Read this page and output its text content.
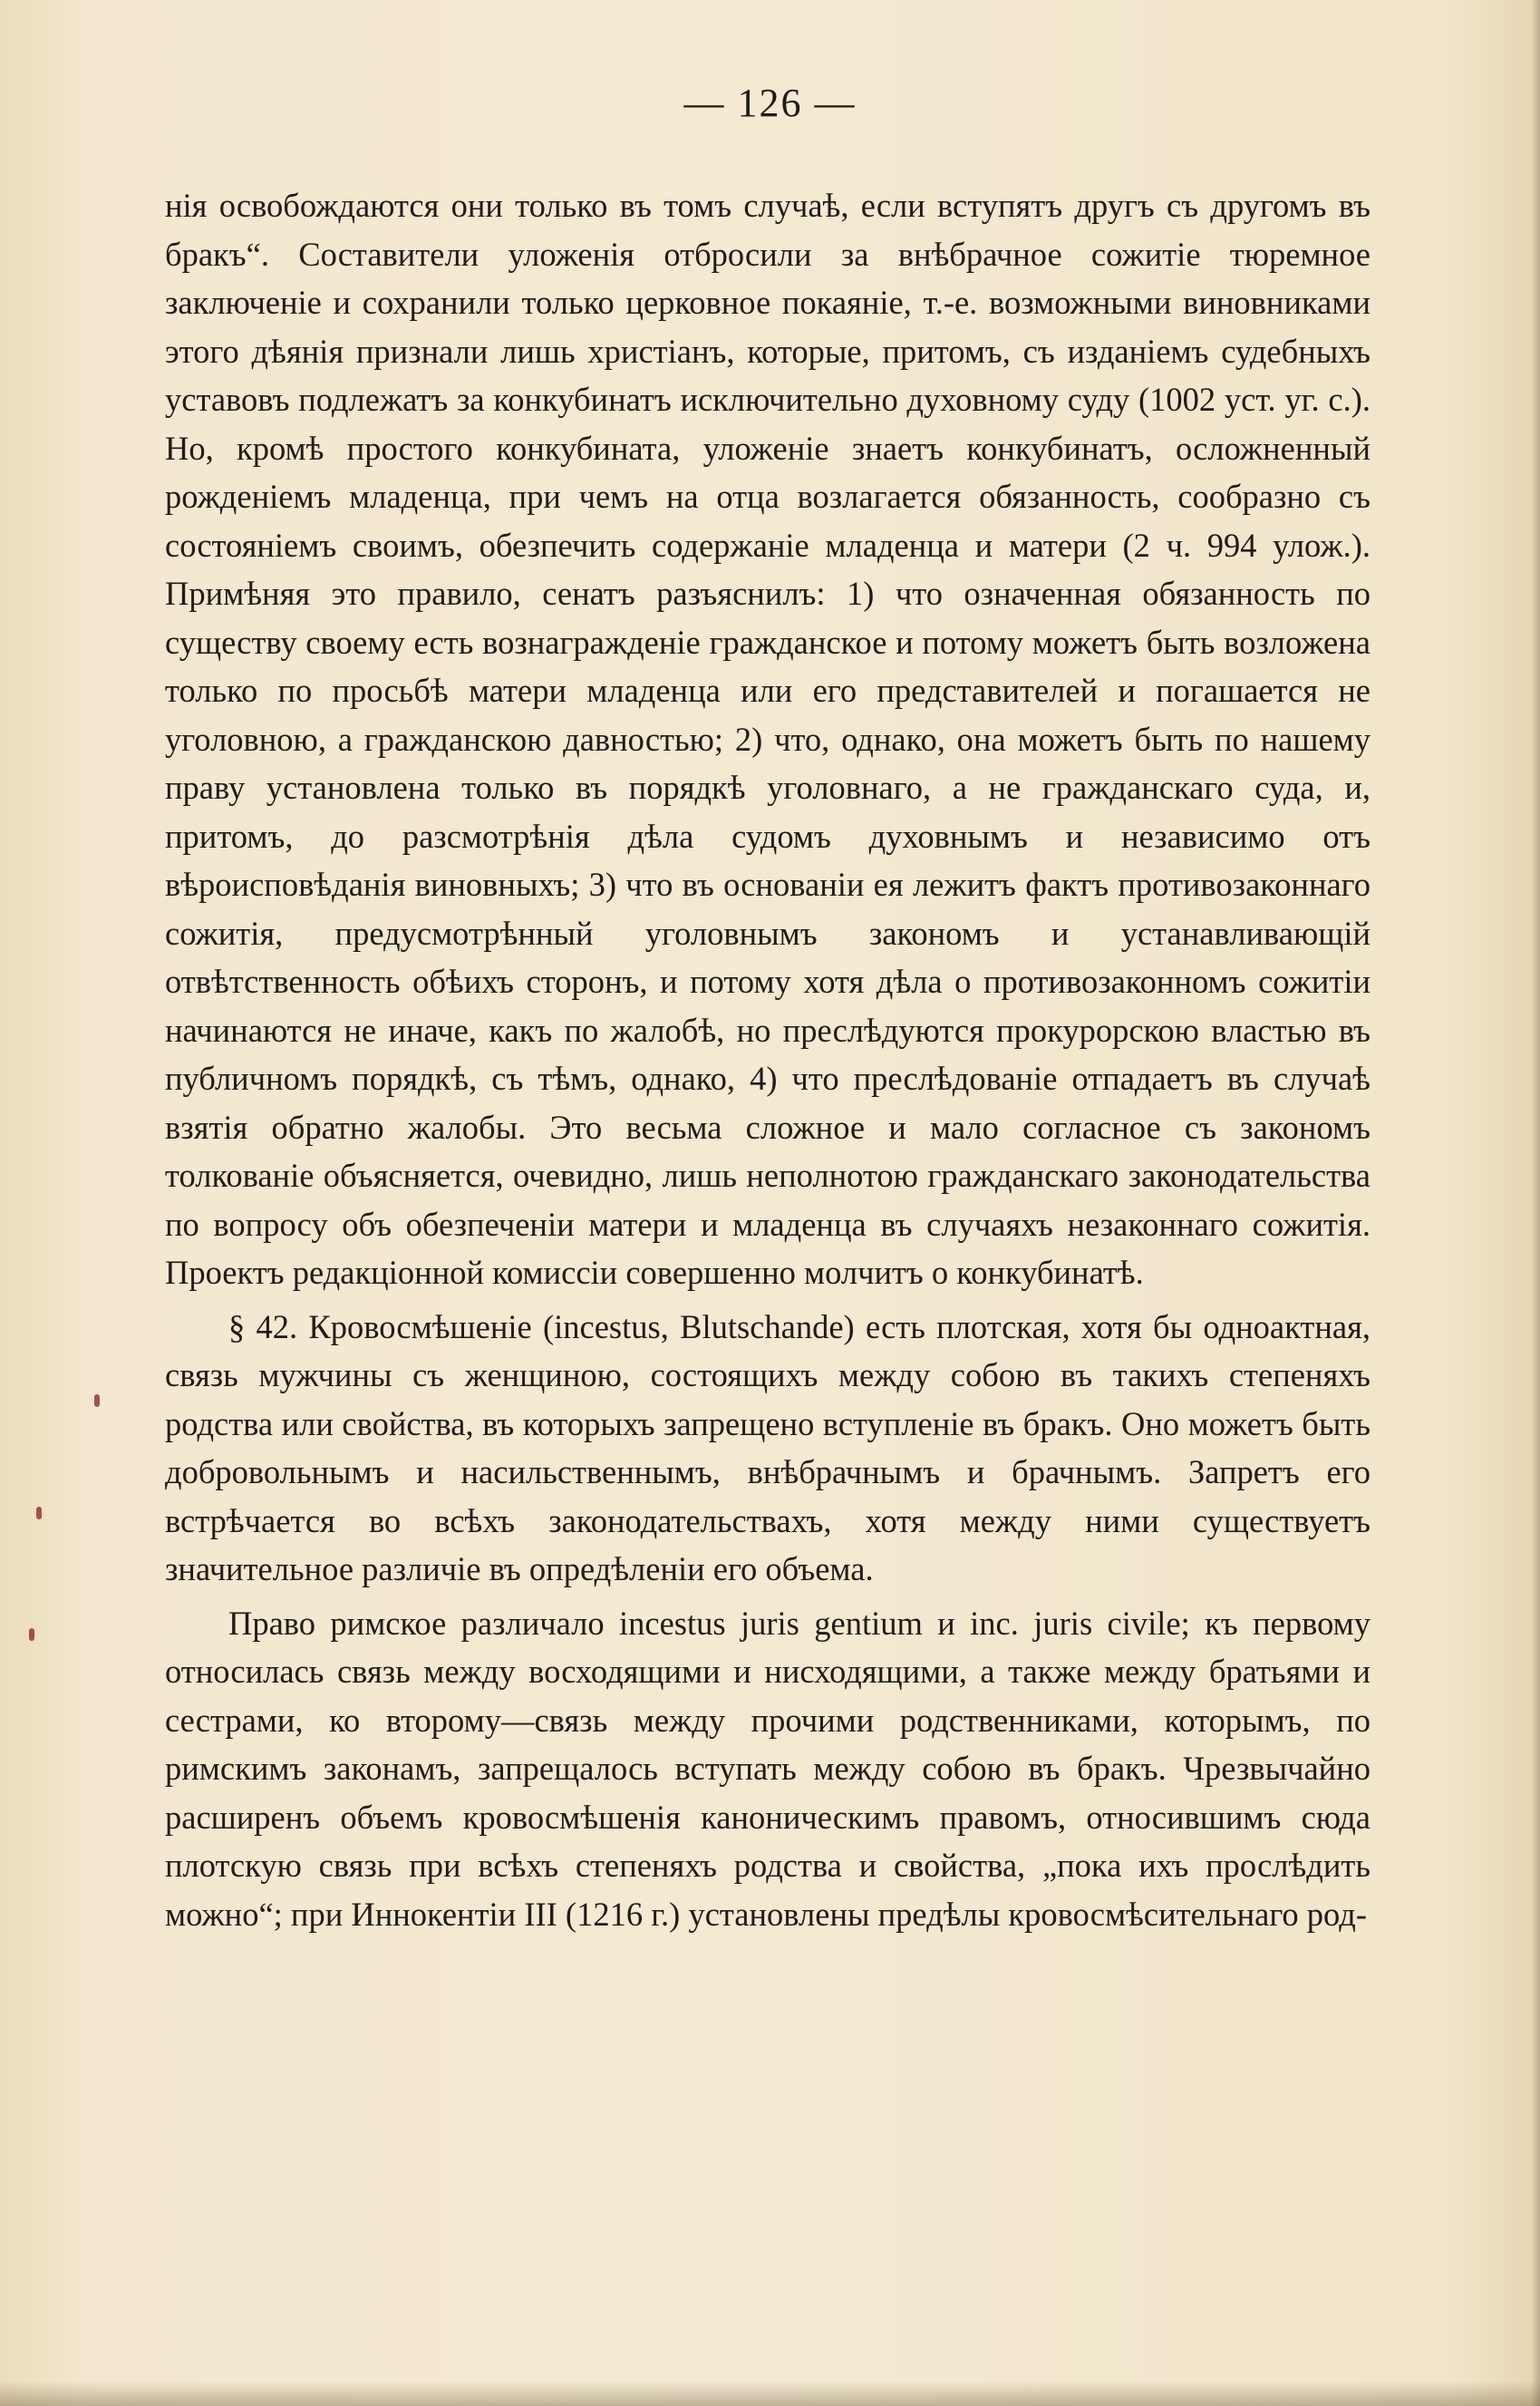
— 126 —

нія освобождаются они только въ томъ случаѣ, если вступятъ другъ съ другомъ въ бракъ“. Составители уложенія отбросили за внѣбрачное сожитіе тюремное заключеніе и сохранили только церковное покаяніе, т.-е. возможными виновниками этого дѣянія признали лишь христіанъ, которые, притомъ, съ изданіемъ судебныхъ уставовъ подлежатъ за конкубинатъ исключительно духовному суду (1002 уст. уг. с.). Но, кромѣ простого конкубината, уложеніе знаетъ конкубинатъ, осложненный рожденіемъ младенца, при чемъ на отца возлагается обязанность, сообразно съ состояніемъ своимъ, обезпечить содержаніе младенца и матери (2 ч. 994 улож.). Примѣняя это правило, сенатъ разъяснилъ: 1) что означенная обязанность по существу своему есть вознагражденіе гражданское и потому можетъ быть возложена только по просьбѣ матери младенца или его представителей и погашается не уголовною, а гражданскою давностью; 2) что, однако, она можетъ быть по нашему праву установлена только въ порядкѣ уголовнаго, а не гражданскаго суда, и, притомъ, до разсмотрѣнія дѣла судомъ духовнымъ и независимо отъ вѣроисповѣданія виновныхъ; 3) что въ основаніи ея лежитъ фактъ противозаконнаго сожитія, предусмотрѣнный уголовнымъ закономъ и устанавливающій отвѣтственность обѣихъ сторонъ, и потому хотя дѣла о противозаконномъ сожитіи начинаются не иначе, какъ по жалобѣ, но преслѣдуются прокурорскою властью въ публичномъ порядкѣ, съ тѣмъ, однако, 4) что преслѣдованіе отпадаетъ въ случаѣ взятія обратно жалобы. Это весьма сложное и мало согласное съ закономъ толкованіе объясняется, очевидно, лишь неполнотою гражданскаго законодательства по вопросу объ обезпеченіи матери и младенца въ случаяхъ незаконнаго сожитія. Проектъ редакціонной комиссіи совершенно молчитъ о конкубинатѣ.

§ 42. Кровосмѣшеніе (incestus, Blutschande) есть плотская, хотя бы одноактная, связь мужчины съ женщиною, состоящихъ между собою въ такихъ степеняхъ родства или свойства, въ которыхъ запрещено вступленіе въ бракъ. Оно можетъ быть добровольнымъ и насильственнымъ, внѣбрачнымъ и брачнымъ. Запретъ его встрѣчается во всѣхъ законодательствахъ, хотя между ними существуетъ значительное различіе въ опредѣленіи его объема.

Право римское различало incestus juris gentium и inc. juris civile; къ первому относилась связь между восходящими и нисходящими, а также между братьями и сестрами, ко второму—связь между прочими родственниками, которымъ, по римскимъ законамъ, запрещалось вступать между собою въ бракъ. Чрезвычайно расширенъ объемъ кровосмѣшенія каноническимъ правомъ, относившимъ сюда плотскую связь при всѣхъ степеняхъ родства и свойства, „пока ихъ прослѣдить можно“; при Иннокентіи III (1216 г.) установлены предѣлы кровосмѣсительнаго род-
